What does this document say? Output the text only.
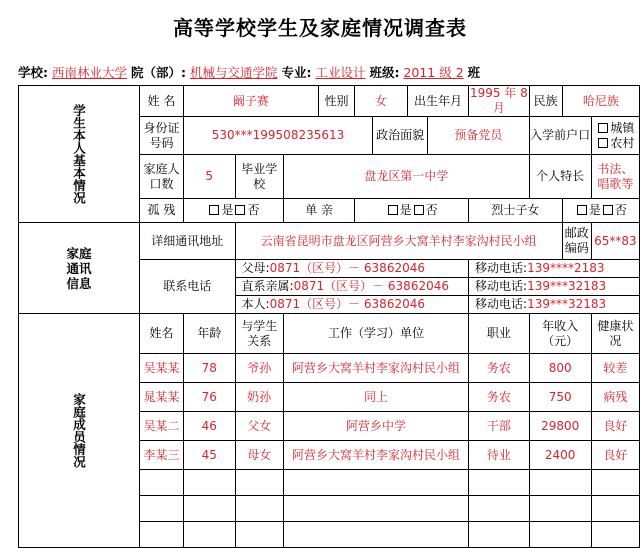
高等学校学生及家庭情况调查表
学校: 西南林业大学 院（部）: 机械与交通学院 专业: 工业设计 班级: 2011 级 2 班
学生本人基本情况	姓 名	阚子赛			性别	女		出生年月		1995 年 8 月	民族	哈尼族	
	身份证号码	530***199508235613					政治面貌		预备党员		入学前户口		城镇 农村
	家庭人口数	5	毕业学校	盘龙区第一中学							个人特长		书法、唱歌等
	孤 残	是 否		单 亲		是 否				烈士子女		是 否	
家庭通讯信息	详细通讯地址		云南省昆明市盘龙区阿营乡大窝羊村李家沟村民小组									邮政编码	65**83
	联系电话		父母:0871（区号）－ 63862046							移动电话:139****2183			
			直系亲属:0871（区号）－ 63862046							移动电话:139***32183			
			本人:0871（区号）－ 63862046							移动电话:139***32183			
家庭成员情况	姓名	年龄	与学生关系	工作（学习）单位						职业	年收入（元）		健康状况
	吴某某	78	爷孙	阿营乡大窝羊村李家沟村民小组						务农	800		较差
	晁某某	76	奶孙	同上						务农	750		病残
	吴某二	46	父女	阿营乡中学						干部	29800		良好
	李某三	45	母女	阿营乡大窝羊村李家沟村民小组						待业	2400		良好
